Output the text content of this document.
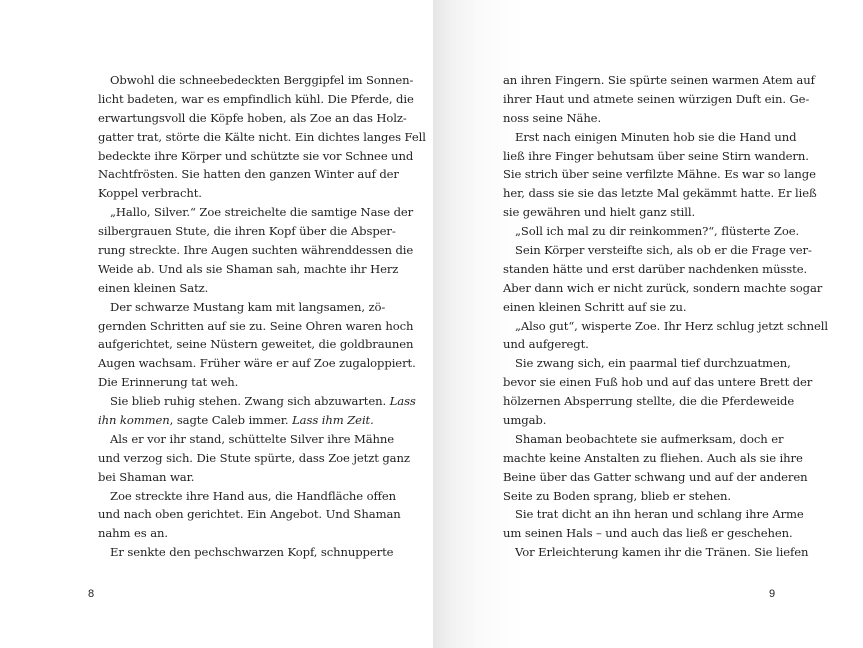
Obwohl die schneebedeckten Berggipfel im Sonnen-
licht badeten, war es empfindlich kühl. Die Pferde, die
erwartungsvoll die Köpfe hoben, als Zoe an das Holz-
gatter trat, störte die Kälte nicht. Ein dichtes langes Fell
bedeckte ihre Körper und schützte sie vor Schnee und
Nachtfrösten. Sie hatten den ganzen Winter auf der
Koppel verbracht.
„Hallo, Silver.“ Zoe streichelte die samtige Nase der
silbergrauen Stute, die ihren Kopf über die Absper-
rung streckte. Ihre Augen suchten währenddessen die
Weide ab. Und als sie Shaman sah, machte ihr Herz
einen kleinen Satz.
Der schwarze Mustang kam mit langsamen, zö-
gernden Schritten auf sie zu. Seine Ohren waren hoch
aufgerichtet, seine Nüstern geweitet, die goldbraunen
Augen wachsam. Früher wäre er auf Zoe zugaloppiert.
Die Erinnerung tat weh.
Sie blieb ruhig stehen. Zwang sich abzuwarten. Lass
ihn kommen, sagte Caleb immer. Lass ihm Zeit.
Als er vor ihr stand, schüttelte Silver ihre Mähne
und verzog sich. Die Stute spürte, dass Zoe jetzt ganz
bei Shaman war.
Zoe streckte ihre Hand aus, die Handfläche offen
und nach oben gerichtet. Ein Angebot. Und Shaman
nahm es an.
Er senkte den pechschwarzen Kopf, schnupperte
8
an ihren Fingern. Sie spürte seinen warmen Atem auf
ihrer Haut und atmete seinen würzigen Duft ein. Ge-
noss seine Nähe.
Erst nach einigen Minuten hob sie die Hand und
ließ ihre Finger behutsam über seine Stirn wandern.
Sie strich über seine verfilzte Mähne. Es war so lange
her, dass sie sie das letzte Mal gekämmt hatte. Er ließ
sie gewähren und hielt ganz still.
„Soll ich mal zu dir reinkommen?“, flüsterte Zoe.
Sein Körper versteifte sich, als ob er die Frage ver-
standen hätte und erst darüber nachdenken müsste.
Aber dann wich er nicht zurück, sondern machte sogar
einen kleinen Schritt auf sie zu.
„Also gut“, wisperte Zoe. Ihr Herz schlug jetzt schnell
und aufgeregt.
Sie zwang sich, ein paarmal tief durchzuatmen,
bevor sie einen Fuß hob und auf das untere Brett der
hölzernen Absperrung stellte, die die Pferdeweide
umgab.
Shaman beobachtete sie aufmerksam, doch er
machte keine Anstalten zu fliehen. Auch als sie ihre
Beine über das Gatter schwang und auf der anderen
Seite zu Boden sprang, blieb er stehen.
Sie trat dicht an ihn heran und schlang ihre Arme
um seinen Hals – und auch das ließ er geschehen.
Vor Erleichterung kamen ihr die Tränen. Sie liefen
9
